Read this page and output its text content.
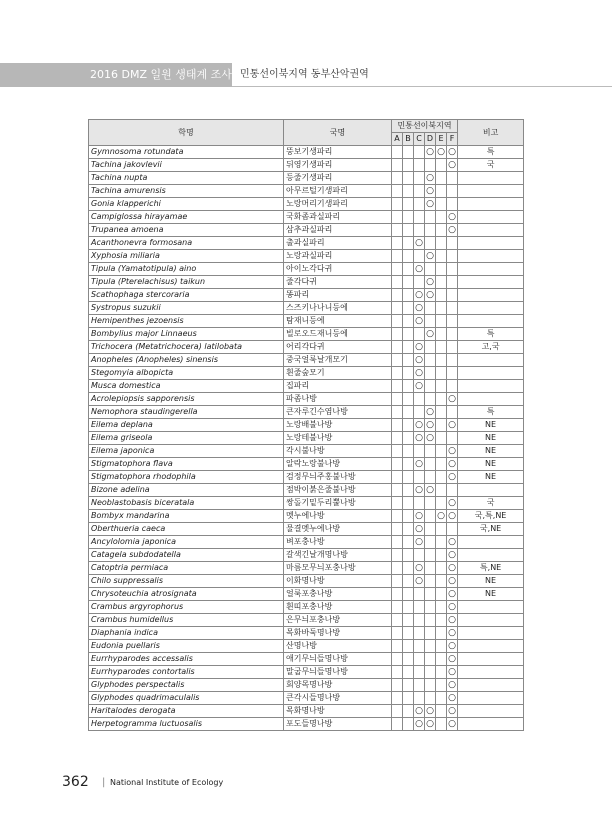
2016 DMZ 일원 생태계 조사 민통선이북지역 동부산악권역
학명	국명	민통선이북지역						비고
		A	B	C	D	E	F	
Gymnosoma rotundata	뚱보기생파리				○	○	○	특
Tachina jakovlevii	뒤영기생파리						○	국
Tachina nupta	등줄기생파리				○			
Tachina amurensis	아무르털기생파리				○			
Gonia klapperichi	노랑머리기생파리				○			
Campiglossa hirayamae	국화좀과실파리						○	
Trupanea amoena	삼추과실파리						○	
Acanthonevra formosana	출과실파리			○				
Xyphosia miliaria	노랑과실파리				○			
Tipula (Yamatotipula) aino	아이노각다귀			○				
Tipula (Pterelachisus) taikun	줄각다귀				○			
Scathophaga stercoraria	똥파리			○	○			
Systropus suzukii	스즈키나나니등에			○				
Hemipenthes jezoensis	탐재니등에			○				
Bombylius major Linnaeus	빌로오드재니등에				○			특
Trichocera (Metatrichocera) latilobata	어리각다귀			○				고,국
Anopheles (Anopheles) sinensis	중국얼룩날개모기			○				
Stegomyia albopicta	흰줄숲모기			○				
Musca domestica	집파리			○				
Acrolepiopsis sapporensis	파좀나방						○	
Nemophora staudingerella	큰자루긴수염나방				○			특
Eilema deplana	노랑배불나방			○	○		○	NE
Eilema griseola	노랑테불나방			○	○			NE
Eilema japonica	각시불나방						○	NE
Stigmatophora flava	알락노랑불나방			○			○	NE
Stigmatophora rhodophila	검정무늬주홍불나방						○	NE
Bizone adelina	점박이붉은줄불나방			○	○			
Neoblastobasis biceratala	쌍돌기밑두리뿔나방						○	국
Bombyx mandarina	멧누에나방			○		○	○	국,특,NE
Oberthueria caeca	물결멧누에나방			○				국,NE
Ancylolomia japonica	벼포충나방			○			○	
Catagela subdodatella	갈색긴날개명나방						○	
Catoptria permiaca	마름모무늬포충나방			○			○	특,NE
Chilo suppressalis	이화명나방			○			○	NE
Chrysoteuchia atrosignata	얼룩포충나방						○	NE
Crambus argyrophorus	흰띠포충나방						○	
Crambus humidellus	은무늬포충나방						○	
Diaphania indica	목화바둑명나방						○	
Eudonia puellaris	산명나방						○	
Eurrhyparodes accessalis	애기무늬들명나방						○	
Eurrhyparodes contortalis	말굽무늬들명나방						○	
Glyphodes perspectalis	회양목명나방						○	
Glyphodes quadrimaculalis	큰각시들명나방						○	
Haritalodes derogata	목화명나방			○	○		○	
Herpetogramma luctuosalis	포도들명나방			○	○		○	
362 | National Institute of Ecology
